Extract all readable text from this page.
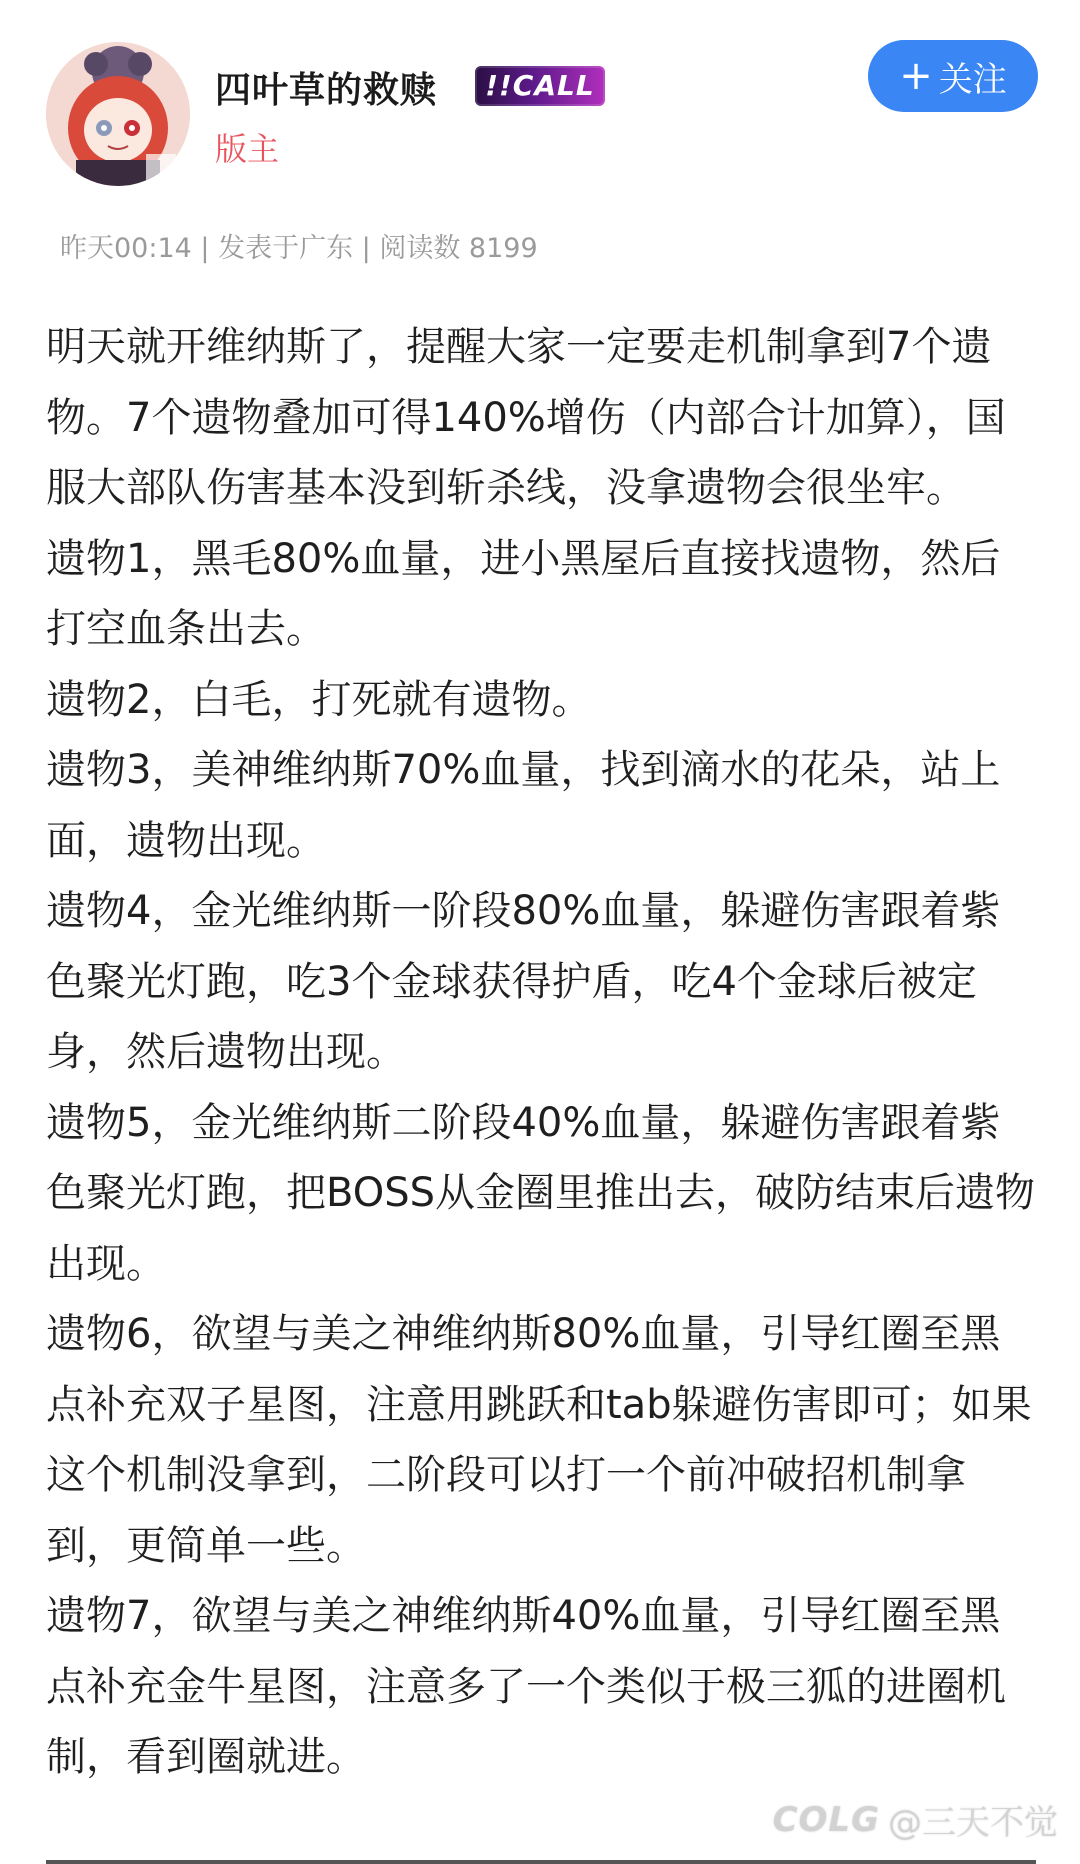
四叶草的救赎	!!CALL
版主
+ 关注
昨天00:14 | 发表于广东 | 阅读数 8199

明天就开维纳斯了，提醒大家一定要走机制拿到7个遗物。7个遗物叠加可得140%增伤（内部合计加算），国服大部队伤害基本没到斩杀线，没拿遗物会很坐牢。

遗物1，黑毛80%血量，进小黑屋后直接找遗物，然后打空血条出去。

遗物2，白毛，打死就有遗物。

遗物3，美神维纳斯70%血量，找到滴水的花朵，站上面，遗物出现。

遗物4，金光维纳斯一阶段80%血量，躲避伤害跟着紫色聚光灯跑，吃3个金球获得护盾，吃4个金球后被定身，然后遗物出现。

遗物5，金光维纳斯二阶段40%血量，躲避伤害跟着紫色聚光灯跑，把BOSS从金圈里推出去，破防结束后遗物出现。

遗物6，欲望与美之神维纳斯80%血量，引导红圈至黑点补充双子星图，注意用跳跃和tab躲避伤害即可；如果这个机制没拿到，二阶段可以打一个前冲破招机制拿到，更简单一些。

遗物7，欲望与美之神维纳斯40%血量，引导红圈至黑点补充金牛星图，注意多了一个类似于极三狐的进圈机制，看到圈就进。

COLG @三天不觉
